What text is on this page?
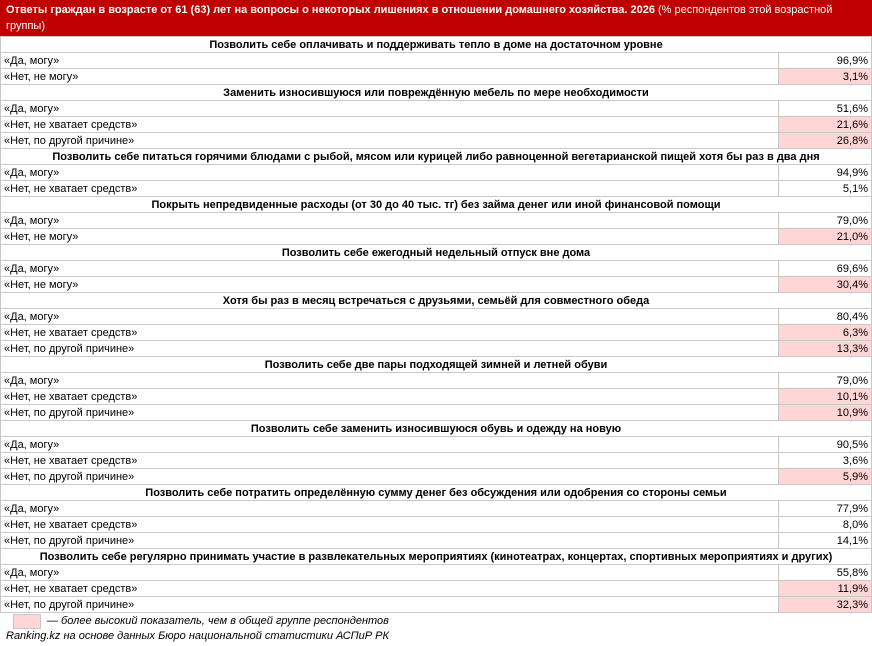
Ответы граждан в возрасте от 61 (63) лет на вопросы о некоторых лишениях в отношении домашнего хозяйства. 2026 (% респондентов этой возрастной группы)
Позволить себе оплачивать и поддерживать тепло в доме на достаточном уровне	
«Да, могу»	96,9%
«Нет, не могу»	3,1%
Заменить износившуюся или повреждённую мебель по мере необходимости	
«Да, могу»	51,6%
«Нет, не хватает средств»	21,6%
«Нет, по другой причине»	26,8%
Позволить себе питаться горячими блюдами с рыбой, мясом или курицей либо равноценной вегетарианской пищей хотя бы раз в два дня	
«Да, могу»	94,9%
«Нет, не хватает средств»	5,1%
Покрыть непредвиденные расходы (от 30 до 40 тыс. тг) без займа денег или иной финансовой помощи	
«Да, могу»	79,0%
«Нет, не могу»	21,0%
Позволить себе ежегодный недельный отпуск вне дома	
«Да, могу»	69,6%
«Нет, не могу»	30,4%
Хотя бы раз в месяц встречаться с друзьями, семьёй для совместного обеда	
«Да, могу»	80,4%
«Нет, не хватает средств»	6,3%
«Нет, по другой причине»	13,3%
Позволить себе две пары подходящей зимней и летней обуви	
«Да, могу»	79,0%
«Нет, не хватает средств»	10,1%
«Нет, по другой причине»	10,9%
Позволить себе заменить износившуюся обувь и одежду на новую	
«Да, могу»	90,5%
«Нет, не хватает средств»	3,6%
«Нет, по другой причине»	5,9%
Позволить себе потратить определённую сумму денег без обсуждения или одобрения со стороны семьи	
«Да, могу»	77,9%
«Нет, не хватает средств»	8,0%
«Нет, по другой причине»	14,1%
Позволить себе регулярно принимать участие в развлекательных мероприятиях (кинотеатрах, концертах, спортивных мероприятиях и других)	
«Да, могу»	55,8%
«Нет, не хватает средств»	11,9%
«Нет, по другой причине»	32,3%
— более высокий показатель, чем в общей группе респондентов
Ranking.kz на основе данных Бюро национальной статистики АСПиР РК
